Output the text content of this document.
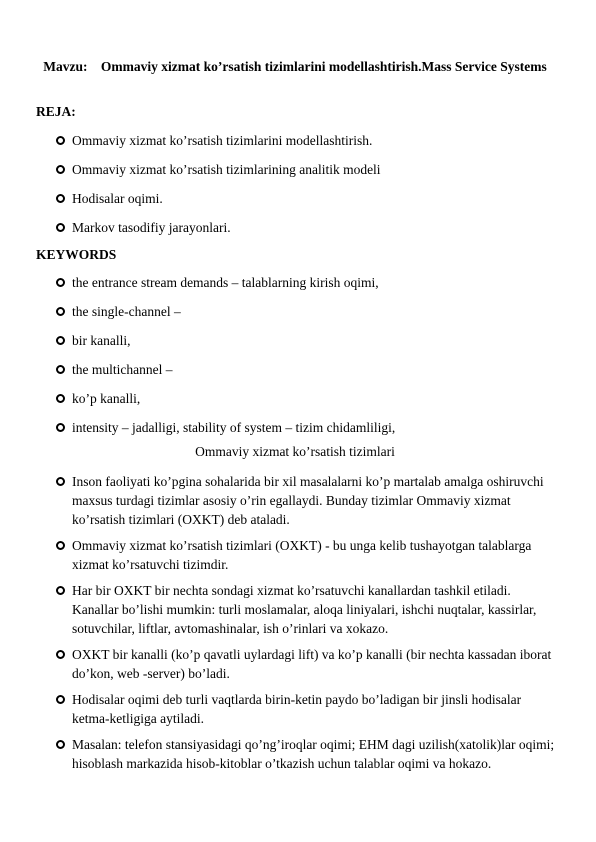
Mavzu: Ommaviy xizmat ko’rsatish tizimlarini modellashtirish.Mass Service Systems
REJA:
Ommaviy xizmat ko’rsatish tizimlarini modellashtirish.
Ommaviy xizmat ko’rsatish tizimlarining analitik modeli
Hodisalar oqimi.
Markov tasodifiy jarayonlari.
KEYWORDS
the entrance stream demands – talablarning kirish oqimi,
the single-channel –
bir kanalli,
the multichannel –
ko’p kanalli,
intensity – jadalligi, stability of system – tizim chidamliligi,
Ommaviy xizmat ko’rsatish tizimlari
Inson faoliyati ko’pgina sohalarida bir xil masalalarni ko’p martalab amalga oshiruvchi maxsus turdagi tizimlar asosiy o’rin egallaydi. Bunday tizimlar Ommaviy xizmat ko’rsatish tizimlari (OXKT) deb ataladi.
Ommaviy xizmat ko’rsatish tizimlari (OXKT) - bu unga kelib tushayotgan talablarga xizmat ko’rsatuvchi tizimdir.
Har bir OXKT bir nechta sondagi xizmat ko’rsatuvchi kanallardan tashkil etiladi. Kanallar bo’lishi mumkin: turli moslamalar, aloqa liniyalari, ishchi nuqtalar, kassirlar, sotuvchilar, liftlar, avtomashinalar, ish o’rinlari va xokazo.
OXKT bir kanalli (ko’p qavatli uylardagi lift) va ko’p kanalli (bir nechta kassadan iborat do’kon, web -server) bo’ladi.
Hodisalar oqimi deb turli vaqtlarda birin-ketin paydo bo’ladigan bir jinsli hodisalar ketma-ketligiga aytiladi.
Masalan: telefon stansiyasidagi qo’ng’iroqlar oqimi; EHM dagi uzilish(xatolik)lar oqimi; hisoblash markazida hisob-kitoblar o’tkazish uchun talablar oqimi va hokazo.
